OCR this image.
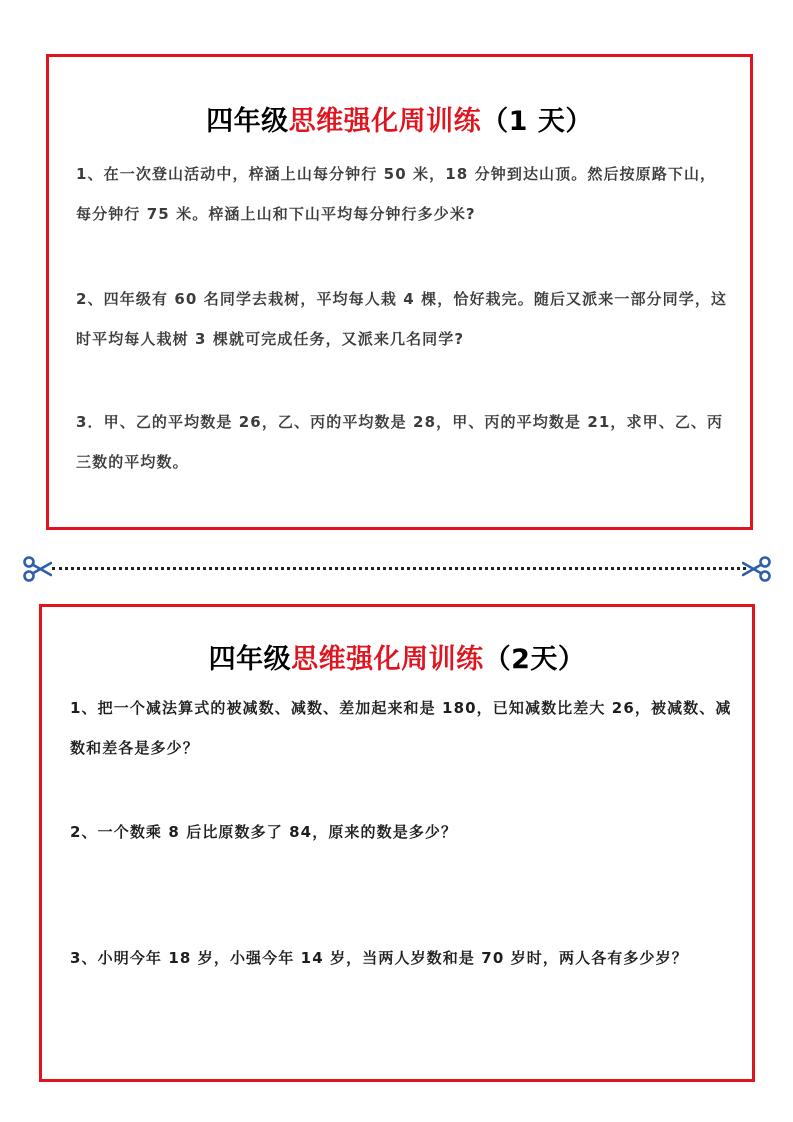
四年级思维强化周训练（1 天）

1、在一次登山活动中，梓涵上山每分钟行 50 米，18 分钟到达山顶。然后按原路下山，每分钟行 75 米。梓涵上山和下山平均每分钟行多少米?

2、四年级有 60 名同学去栽树，平均每人栽 4 棵，恰好栽完。随后又派来一部分同学，这时平均每人栽树 3 棵就可完成任务，又派来几名同学?

3．甲、乙的平均数是 26，乙、丙的平均数是 28，甲、丙的平均数是 21，求甲、乙、丙三数的平均数。

四年级思维强化周训练（2天）

1、把一个减法算式的被减数、减数、差加起来和是 180，已知减数比差大 26，被减数、减数和差各是多少？

2、一个数乘 8 后比原数多了 84，原来的数是多少？

3、小明今年 18 岁，小强今年 14 岁，当两人岁数和是 70 岁时，两人各有多少岁？
